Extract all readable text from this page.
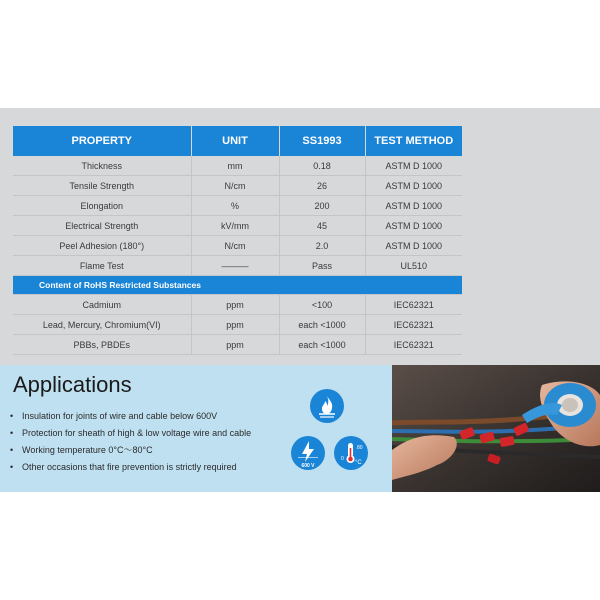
PROPERTY	UNIT	SS1993	TEST METHOD
Thickness	mm	0.18	ASTM D 1000
Tensile Strength	N/cm	26	ASTM D 1000
Elongation	%	200	ASTM D 1000
Electrical Strength	kV/mm	45	ASTM D 1000
Peel Adhesion (180°)	N/cm	2.0	ASTM D 1000
Flame Test	———	Pass	UL510
Content of RoHS Restricted Substances			
Cadmium	ppm	<100	IEC62321
Lead, Mercury, Chromium(VI)	ppm	each <1000	IEC62321
PBBs, PBDEs	ppm	each <1000	IEC62321
Applications
• Insulation for joints of wire and cable below 600V
• Protection for sheath of high & low voltage wire and cable
• Working temperature 0°C～80°C
• Other occasions that fire prevention is strictly required	600 V
80
0
°C
